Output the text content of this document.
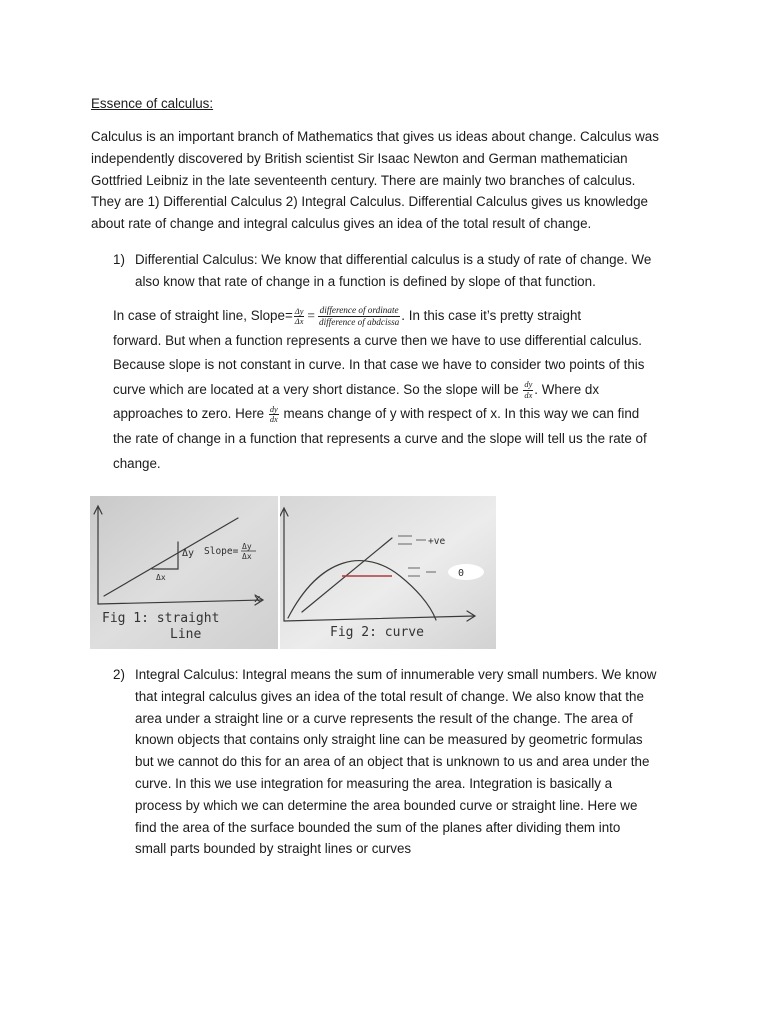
Essence of calculus:

Calculus is an important branch of Mathematics that gives us ideas about change. Calculus was
independently discovered by British scientist Sir Isaac Newton and German mathematician
Gottfried Leibniz in the late seventeenth century. There are mainly two branches of calculus.
They are 1) Differential Calculus 2) Integral Calculus. Differential Calculus gives us knowledge
about rate of change and integral calculus gives an idea of the total result of change.

1) Differential Calculus: We know that differential calculus is a study of rate of change. We
also know that rate of change in a function is defined by slope of that function.

In case of straight line, Slope= $\frac{\Delta y}{\Delta x} = \frac{\text{difference of ordinate}}{\text{difference of abdcissa}}$ . In this case it’s pretty straight
forward. But when a function represents a curve then we have to use differential calculus.
Because slope is not constant in curve. In that case we have to consider two points of this
curve which are located at a very short distance. So the slope will be $\frac{dy}{dx}$ . Where dx
approaches to zero. Here $\frac{dy}{dx}$ means change of y with respect of x. In this way we can find
the rate of change in a function that represents a curve and the slope will tell us the rate of
change.

Δy
Δx
Slope= Δy
Δx
x
Fig 1: straight
Line
+ve
0
Fig 2: curve
2) Integral Calculus: Integral means the sum of innumerable very small numbers. We know
that integral calculus gives an idea of the total result of change. We also know that the
area under a straight line or a curve represents the result of the change. The area of
known objects that contains only straight line can be measured by geometric formulas
but we cannot do this for an area of an object that is unknown to us and area under the
curve. In this we use integration for measuring the area. Integration is basically a
process by which we can determine the area bounded curve or straight line. Here we
find the area of the surface bounded the sum of the planes after dividing them into
small parts bounded by straight lines or curves
